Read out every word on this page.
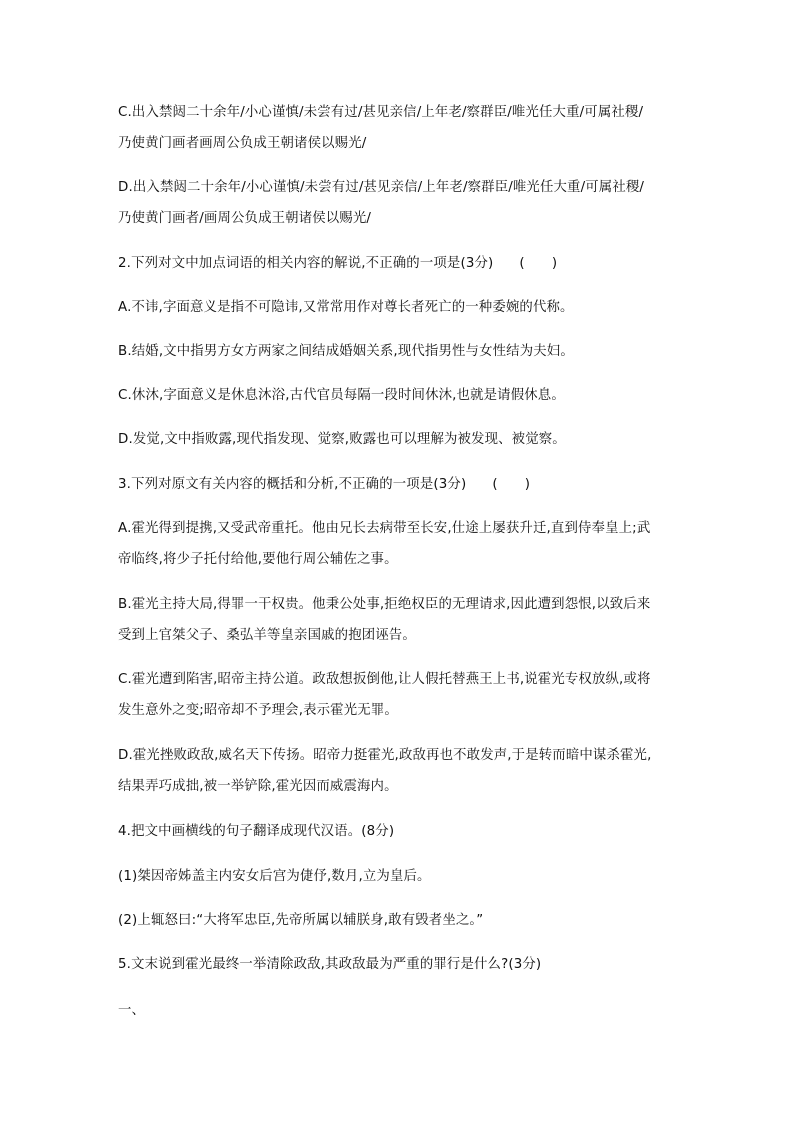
C.出入禁闼二十余年/小心谨慎/未尝有过/甚见亲信/上年老/察群臣/唯光任大重/可属社稷/
乃使黄门画者画周公负成王朝诸侯以赐光/
D.出入禁闼二十余年/小心谨慎/未尝有过/甚见亲信/上年老/察群臣/唯光任大重/可属社稷/
乃使黄门画者/画周公负成王朝诸侯以赐光/
2.下列对文中加点词语的相关内容的解说,不正确的一项是(3分) (　　)
A.不讳,字面意义是指不可隐讳,又常常用作对尊长者死亡的一种委婉的代称。
B.结婚,文中指男方女方两家之间结成婚姻关系,现代指男性与女性结为夫妇。
C.休沐,字面意义是休息沐浴,古代官员每隔一段时间休沐,也就是请假休息。
D.发觉,文中指败露,现代指发现、觉察,败露也可以理解为被发现、被觉察。
3.下列对原文有关内容的概括和分析,不正确的一项是(3分) (　　)
A.霍光得到提携,又受武帝重托。他由兄长去病带至长安,仕途上屡获升迁,直到侍奉皇上;武
帝临终,将少子托付给他,要他行周公辅佐之事。
B.霍光主持大局,得罪一干权贵。他秉公处事,拒绝权臣的无理请求,因此遭到怨恨,以致后来
受到上官桀父子、桑弘羊等皇亲国戚的抱团诬告。
C.霍光遭到陷害,昭帝主持公道。政敌想扳倒他,让人假托替燕王上书,说霍光专权放纵,或将
发生意外之变;昭帝却不予理会,表示霍光无罪。
D.霍光挫败政敌,威名天下传扬。昭帝力挺霍光,政敌再也不敢发声,于是转而暗中谋杀霍光,
结果弄巧成拙,被一举铲除,霍光因而威震海内。
4.把文中画横线的句子翻译成现代汉语。(8分)
(1)桀因帝姊盖主内安女后宫为倢伃,数月,立为皇后。
(2)上辄怒曰:“大将军忠臣,先帝所属以辅朕身,敢有毁者坐之。”
5.文末说到霍光最终一举清除政敌,其政敌最为严重的罪行是什么?(3分)
一、
